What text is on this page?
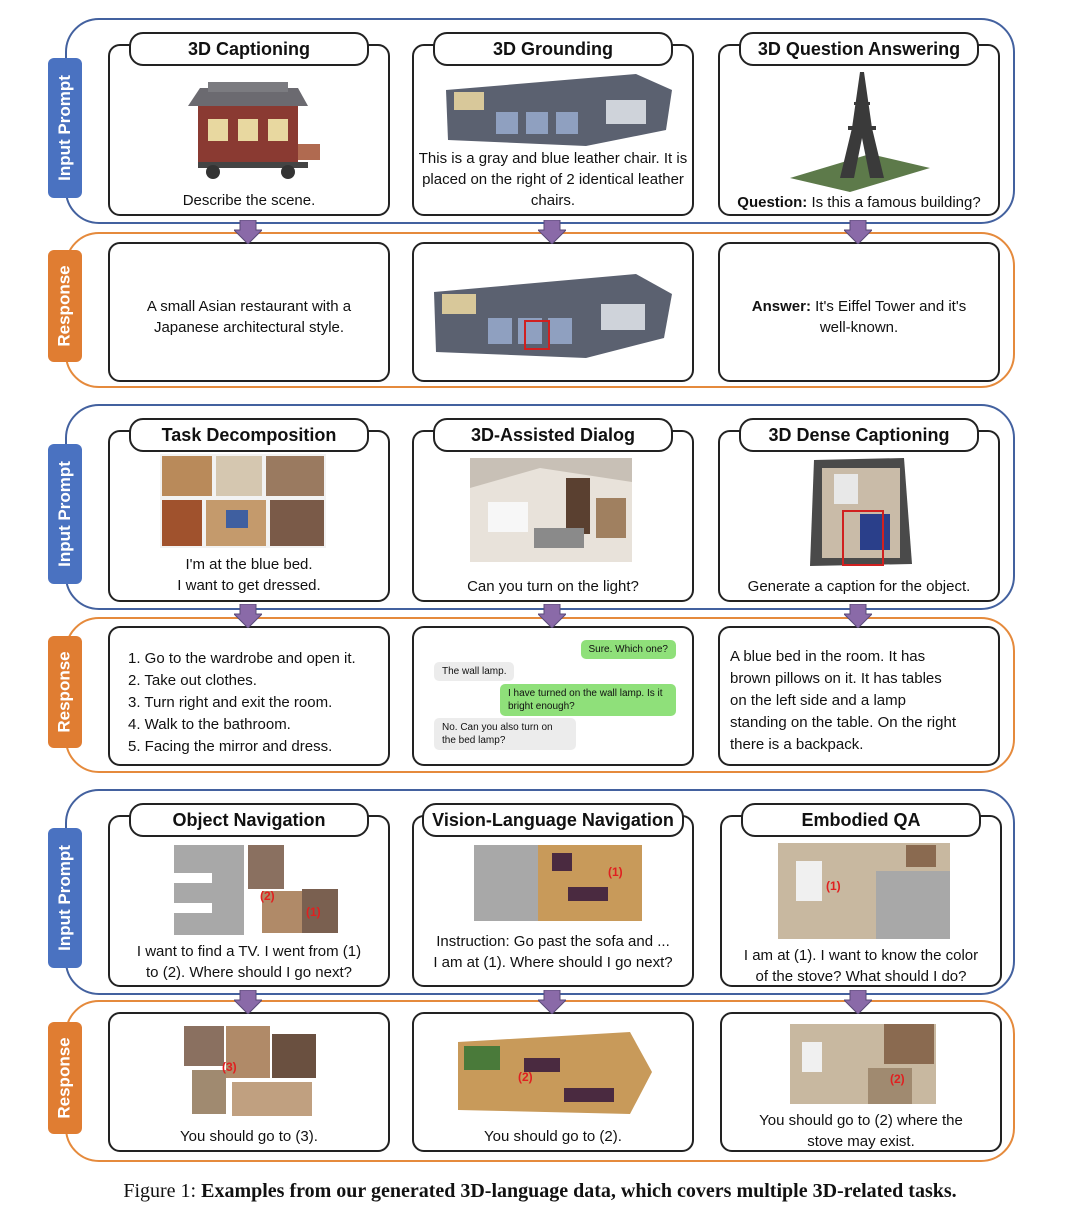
Input Prompt
Response
3D Captioning
Describe the scene.
A small Asian restaurant with a Japanese architectural style.
3D Grounding
This is a gray and blue leather chair. It is placed on the right of 2 identical leather chairs.
3D Question Answering
Question: Is this a famous building?
Answer: It's Eiffel Tower and it's well-known.
Input Prompt
Response
Task Decomposition
I'm at the blue bed.
I want to get dressed.
1. Go to the wardrobe and open it.
2. Take out clothes.
3. Turn right and exit the room.
4. Walk to the bathroom.
5. Facing the mirror and dress.
3D-Assisted Dialog
Can you turn on the light?
Sure. Which one?
The wall lamp.
I have turned on the wall lamp. Is it bright enough?
No. Can you also turn on the bed lamp?
3D Dense Captioning
Generate a caption for the object.
A blue bed in the room. It has
brown pillows on it. It has tables
on the left side and a lamp
standing on the table. On the right
there is a backpack.
Input Prompt
Response
Object Navigation
(2)
(1)
I want to find a TV. I went from (1)
to (2). Where should I go next?
(3)
You should go to (3).
Vision-Language Navigation
(1)
Instruction: Go past the sofa and ...
I am at (1). Where should I go next?
(2)
You should go to (2).
Embodied QA
(1)
I am at (1). I want to know the color
of the stove? What should I do?
(2)
You should go to (2) where the
stove may exist.
Figure 1: Examples from our generated 3D-language data, which covers multiple 3D-related tasks.
